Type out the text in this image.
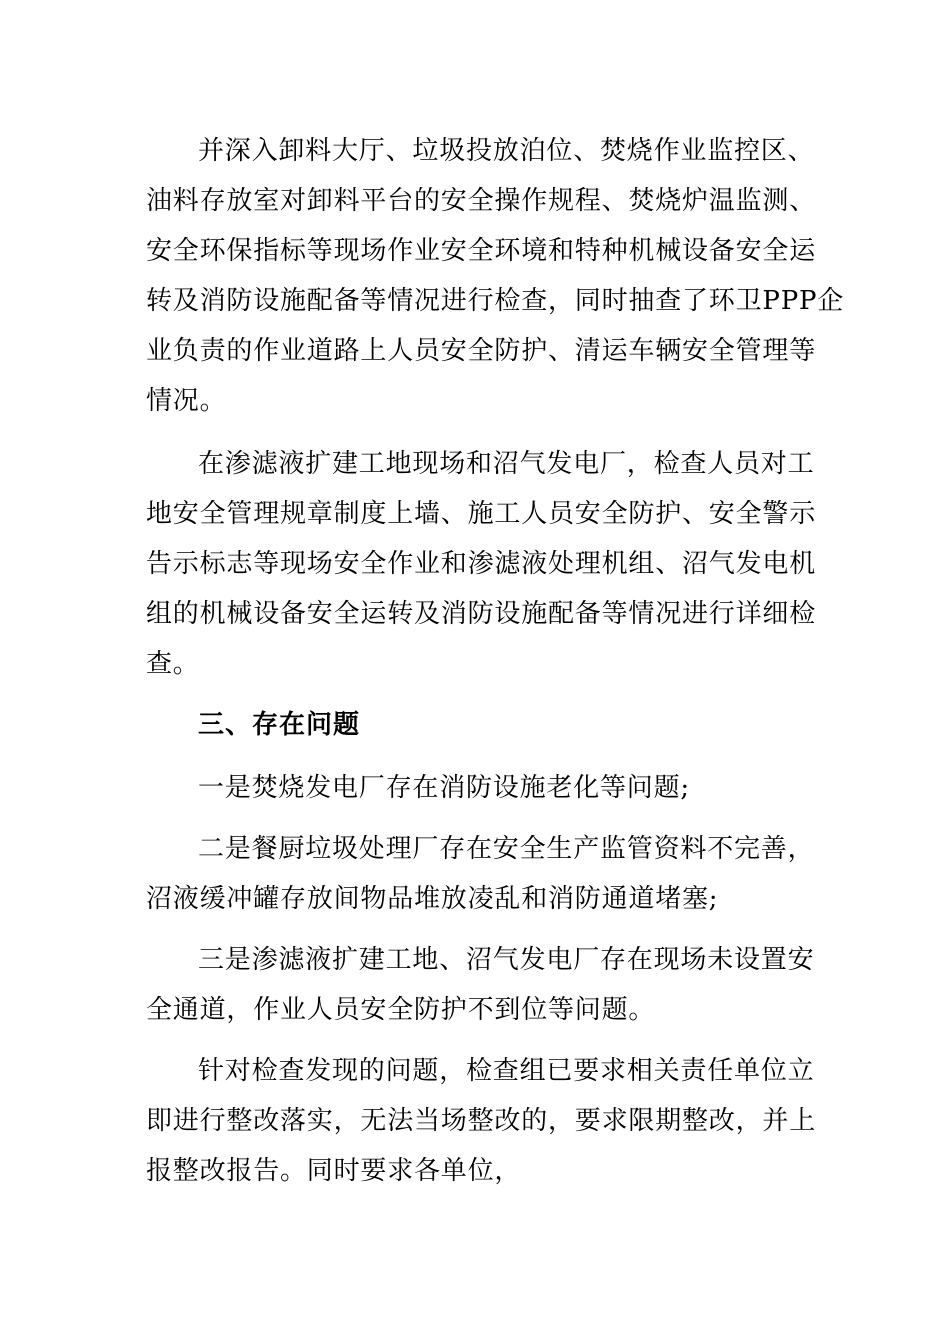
并深入卸料大厅、垃圾投放泊位、焚烧作业监控区、
油料存放室对卸料平台的安全操作规程、焚烧炉温监测、
安全环保指标等现场作业安全环境和特种机械设备安全运
转及消防设施配备等情况进行检查，同时抽查了环卫PPP企
业负责的作业道路上人员安全防护、清运车辆安全管理等
情况。
在渗滤液扩建工地现场和沼气发电厂，检查人员对工
地安全管理规章制度上墙、施工人员安全防护、安全警示
告示标志等现场安全作业和渗滤液处理机组、沼气发电机
组的机械设备安全运转及消防设施配备等情况进行详细检
查。
三、存在问题
一是焚烧发电厂存在消防设施老化等问题;
二是餐厨垃圾处理厂存在安全生产监管资料不完善，
沼液缓冲罐存放间物品堆放凌乱和消防通道堵塞;
三是渗滤液扩建工地、沼气发电厂存在现场未设置安
全通道，作业人员安全防护不到位等问题。
针对检查发现的问题，检查组已要求相关责任单位立
即进行整改落实，无法当场整改的，要求限期整改，并上
报整改报告。同时要求各单位，
